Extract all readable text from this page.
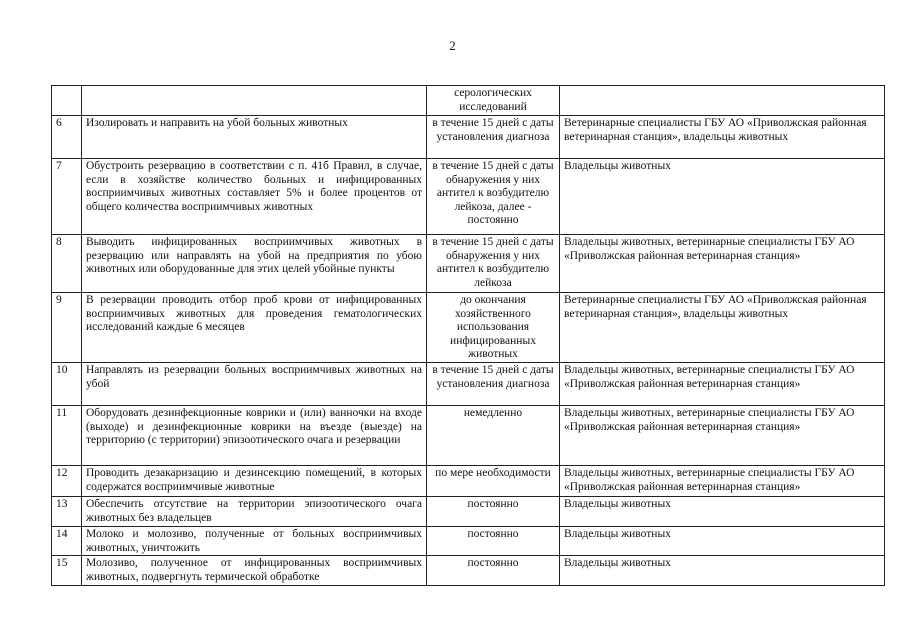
2
		серологических исследований	
6	Изолировать и направить на убой больных животных	в течение 15 дней с даты установления диагноза	Ветеринарные специалисты ГБУ АО «Приволжская районная ветеринарная станция», владельцы животных
7	Обустроить резервацию в соответствии с п. 41б Правил, в случае, если в хозяйстве количество больных и инфицированных восприимчивых животных составляет 5% и более процентов от общего количества восприимчивых животных	в течение 15 дней с даты обнаружения у них антител к возбудителю лейкоза, далее - постоянно	Владельцы животных
8	Выводить инфицированных восприимчивых животных в резервацию или направлять на убой на предприятия по убою животных или оборудованные для этих целей убойные пункты	в течение 15 дней с даты обнаружения у них антител к возбудителю лейкоза	Владельцы животных, ветеринарные специалисты ГБУ АО «Приволжская районная ветеринарная станция»
9	В резервации проводить отбор проб крови от инфицированных восприимчивых животных для проведения гематологических исследований каждые 6 месяцев	до окончания хозяйственного использования инфицированных животных	Ветеринарные специалисты ГБУ АО «Приволжская районная ветеринарная станция», владельцы животных
10	Направлять из резервации больных восприимчивых животных на убой	в течение 15 дней с даты установления диагноза	Владельцы животных, ветеринарные специалисты ГБУ АО «Приволжская районная ветеринарная станция»
11	Оборудовать дезинфекционные коврики и (или) ванночки на входе (выходе) и дезинфекционные коврики на въезде (выезде) на территорию (с территории) эпизоотического очага и резервации	немедленно	Владельцы животных, ветеринарные специалисты ГБУ АО «Приволжская районная ветеринарная станция»
12	Проводить дезакаризацию и дезинсекцию помещений, в которых содержатся восприимчивые животные	по мере необходимости	Владельцы животных, ветеринарные специалисты ГБУ АО «Приволжская районная ветеринарная станция»
13	Обеспечить отсутствие на территории эпизоотического очага животных без владельцев	постоянно	Владельцы животных
14	Молоко и молозиво, полученные от больных восприимчивых животных, уничтожить	постоянно	Владельцы животных
15	Молозиво, полученное от инфицированных восприимчивых животных, подвергнуть термической обработке	постоянно	Владельцы животных
